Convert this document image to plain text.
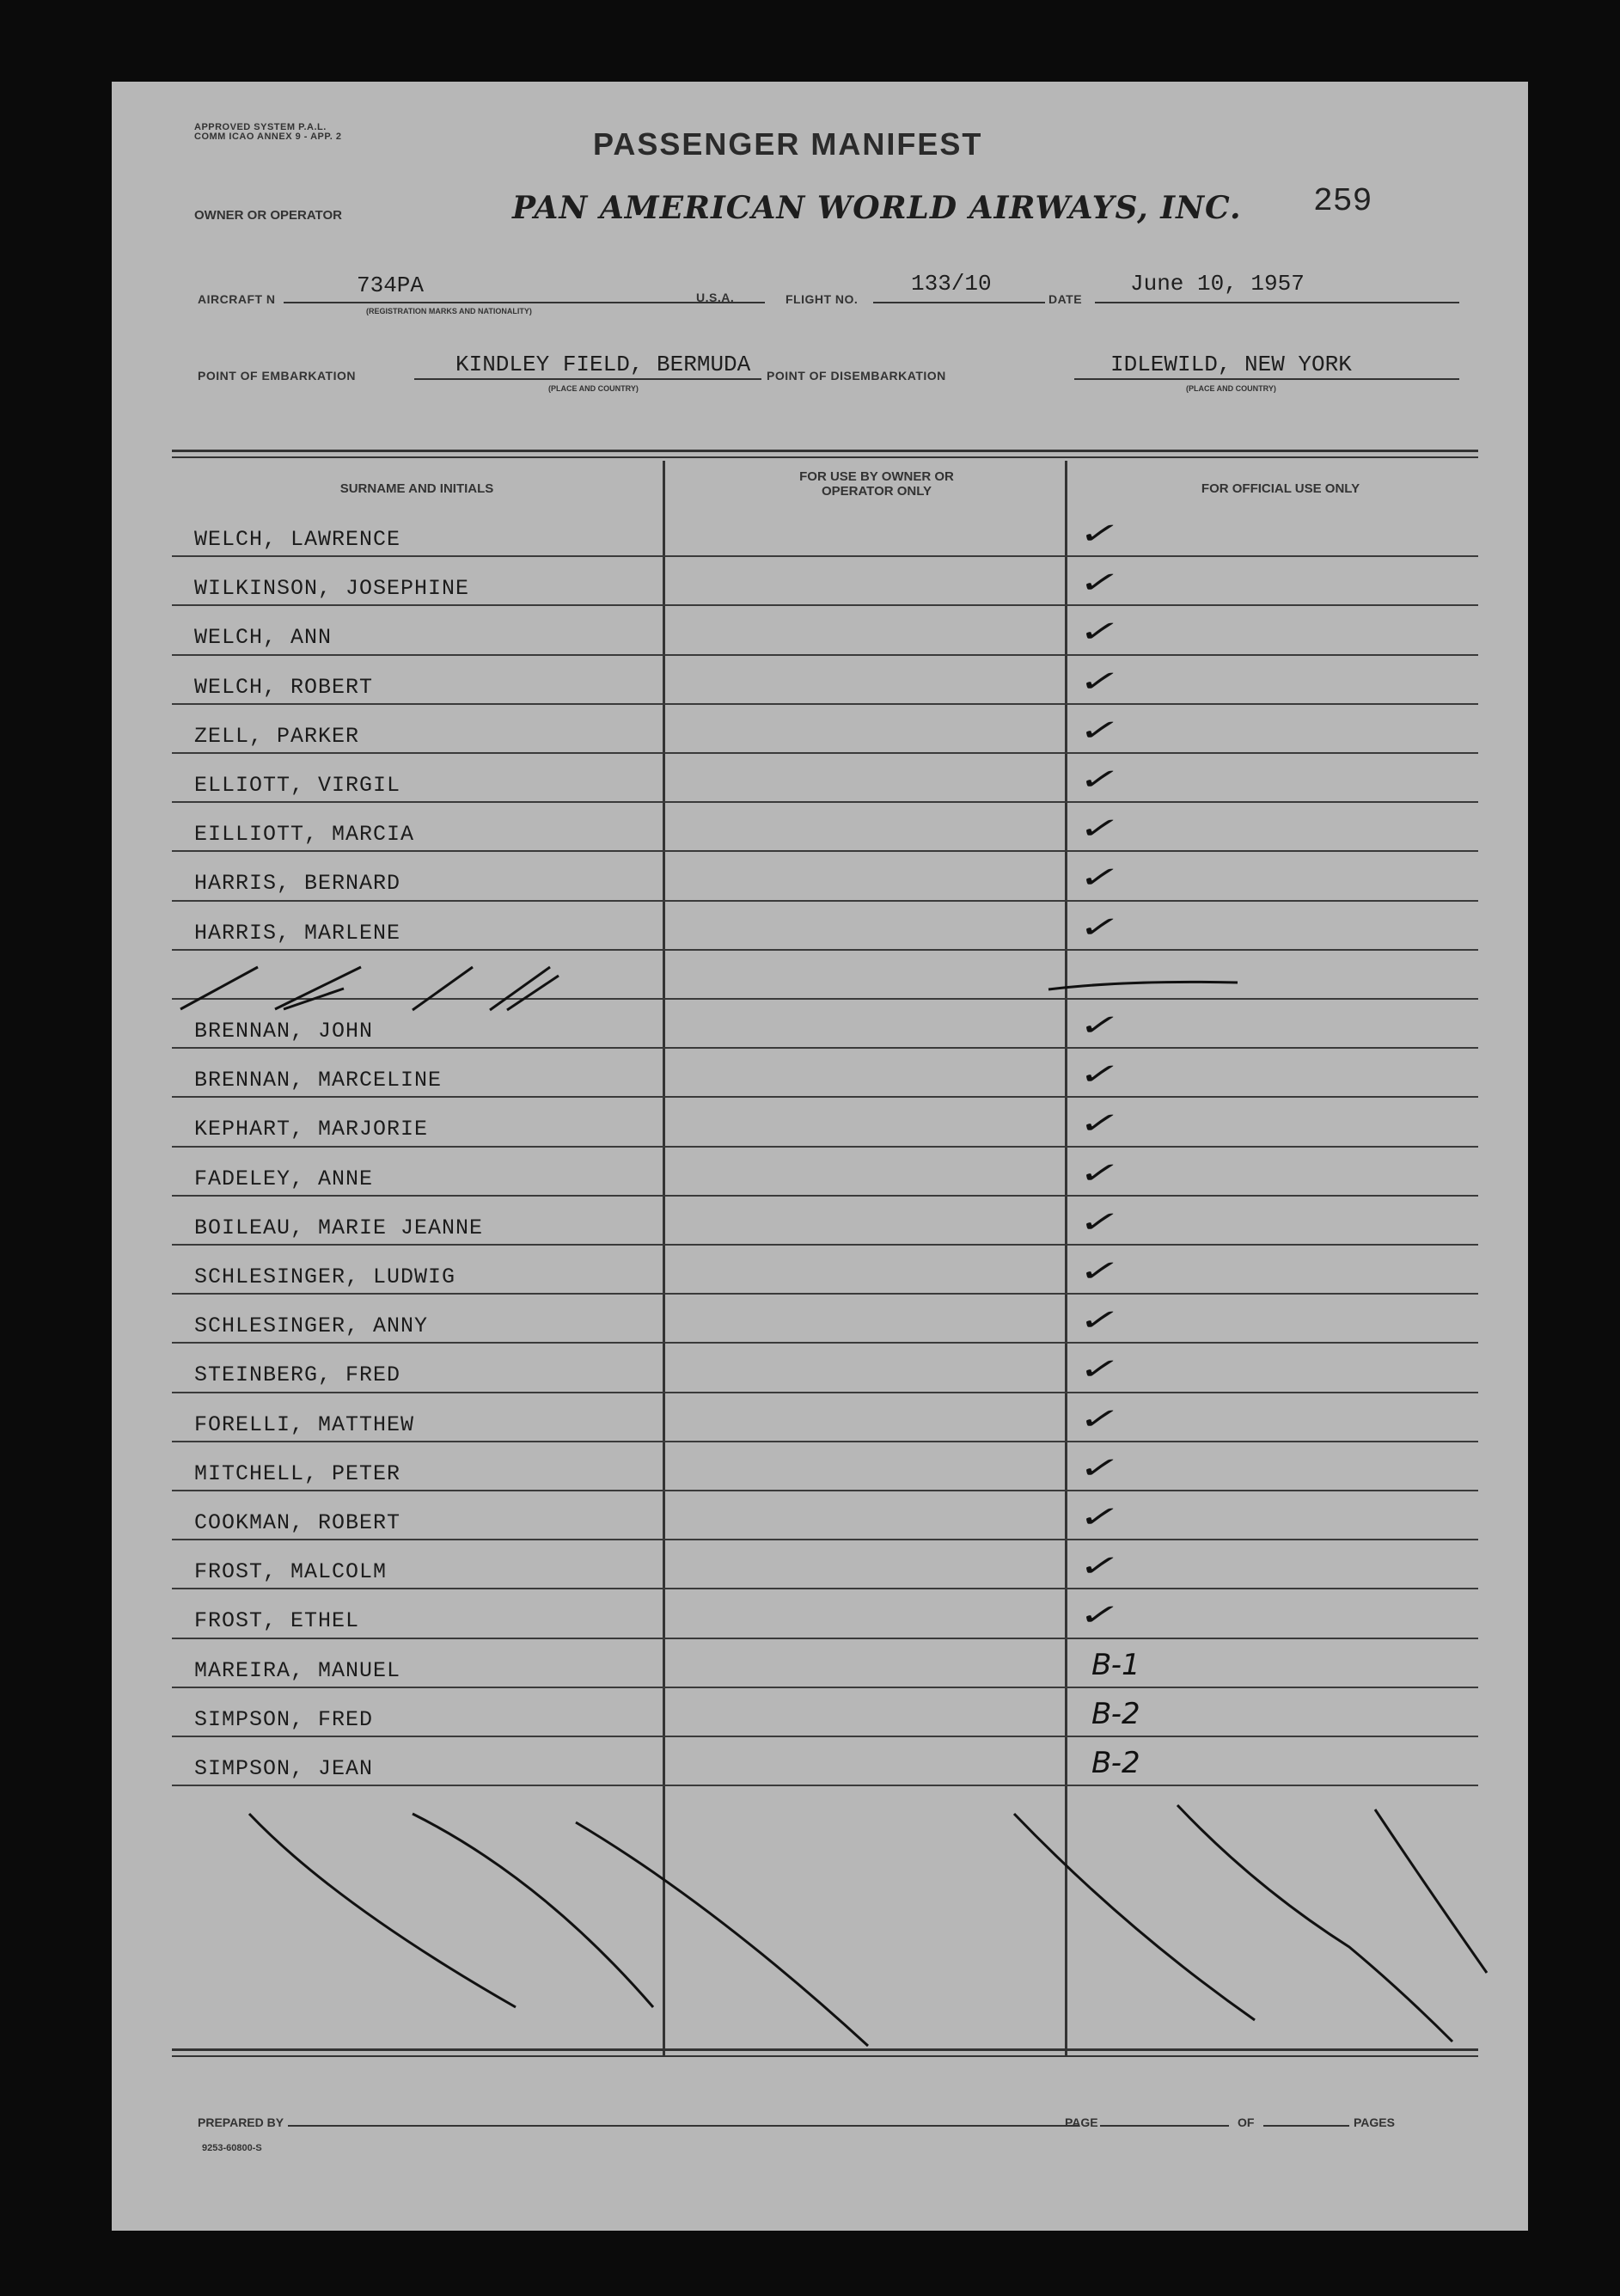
APPROVED SYSTEM P.A.L. COMM ICAO ANNEX 9 - APP. 2	PASSENGER MANIFEST
OWNER OR OPERATOR	PAN AMERICAN WORLD AIRWAYS, INC. 259
AIRCRAFT N
734PA
(REGISTRATION MARKS AND NATIONALITY)
U.S.A.	FLIGHT NO.
133/10
DATE
June 10, 1957
POINT OF EMBARKATION	KINDLEY FIELD, BERMUDA
(PLACE AND COUNTRY)
POINT OF DISEMBARKATION	IDLEWILD, NEW YORK
(PLACE AND COUNTRY)
SURNAME AND INITIALS
FOR USE BY OWNER OR OPERATOR ONLY	FOR OFFICIAL USE ONLY
WELCH, LAWRENCE	✓
WILKINSON, JOSEPHINE	✓
WELCH, ANN	✓
WELCH, ROBERT	✓
ZELL, PARKER	✓
ELLIOTT, VIRGIL	✓
EILLIOTT, MARCIA	✓
HARRIS, BERNARD	✓
HARRIS, MARLENE	✓
BRENNAN, JOHN	✓
BRENNAN, MARCELINE	✓
KEPHART, MARJORIE	✓
FADELEY, ANNE	✓
BOILEAU, MARIE JEANNE	✓
SCHLESINGER, LUDWIG	✓
SCHLESINGER, ANNY	✓
STEINBERG, FRED	✓
FORELLI, MATTHEW	✓
MITCHELL, PETER	✓
COOKMAN, ROBERT	✓
FROST, MALCOLM	✓
FROST, ETHEL	✓
MAREIRA, MANUEL	B-1
SIMPSON, FRED	B-2
SIMPSON, JEAN	B-2
PREPARED BY	PAGE	OF	PAGES
9253-60800-S
